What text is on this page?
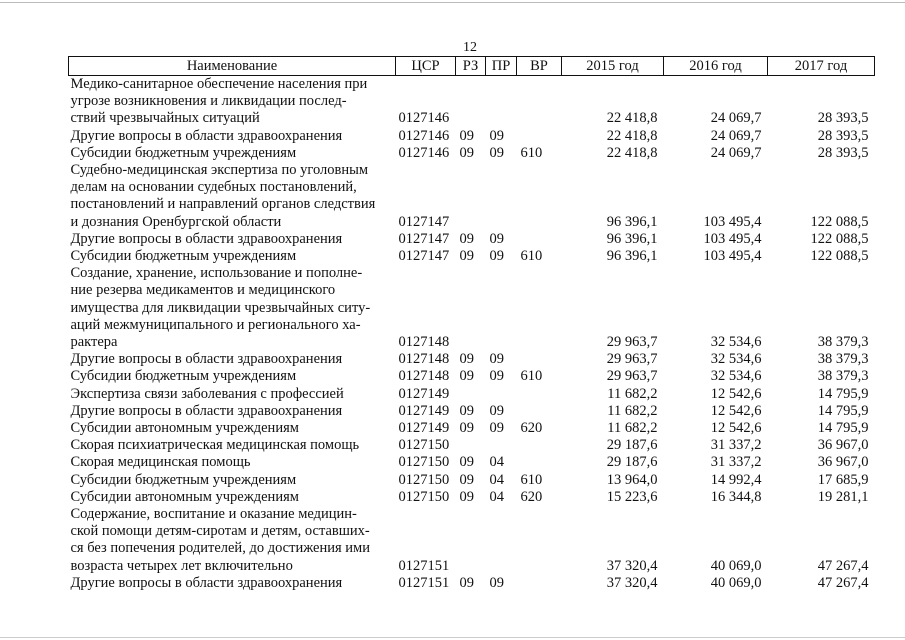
12
Наименование	ЦСР	РЗ	ПР	ВР	2015 год	2016 год	2017 год

Медико-санитарное обеспечение населения при
угрозе возникновения и ликвидации послед-
ствий чрезвычайных ситуаций	0127146				22 418,8	24 069,7	28 393,5

Другие вопросы в области здравоохранения	0127146	09	09		22 418,8	24 069,7	28 393,5

Субсидии бюджетным учреждениям	0127146	09	09	610	22 418,8	24 069,7	28 393,5

Судебно-медицинская экспертиза по уголовным
делам на основании судебных постановлений,
постановлений и направлений органов следствия
и дознания Оренбургской области	0127147				96 396,1	103 495,4	122 088,5

Другие вопросы в области здравоохранения	0127147	09	09		96 396,1	103 495,4	122 088,5

Субсидии бюджетным учреждениям	0127147	09	09	610	96 396,1	103 495,4	122 088,5

Создание, хранение, использование и пополне-
ние резерва медикаментов и медицинского
имущества для ликвидации чрезвычайных ситу-
аций межмуниципального и регионального ха-
рактера	0127148				29 963,7	32 534,6	38 379,3

Другие вопросы в области здравоохранения	0127148	09	09		29 963,7	32 534,6	38 379,3

Субсидии бюджетным учреждениям	0127148	09	09	610	29 963,7	32 534,6	38 379,3

Экспертиза связи заболевания с профессией	0127149				11 682,2	12 542,6	14 795,9

Другие вопросы в области здравоохранения	0127149	09	09		11 682,2	12 542,6	14 795,9

Субсидии автономным учреждениям	0127149	09	09	620	11 682,2	12 542,6	14 795,9

Скорая психиатрическая медицинская помощь	0127150				29 187,6	31 337,2	36 967,0

Скорая медицинская помощь	0127150	09	04		29 187,6	31 337,2	36 967,0

Субсидии бюджетным учреждениям	0127150	09	04	610	13 964,0	14 992,4	17 685,9

Субсидии автономным учреждениям	0127150	09	04	620	15 223,6	16 344,8	19 281,1

Содержание, воспитание и оказание медицин-
ской помощи детям-сиротам и детям, оставших-
ся без попечения родителей, до достижения ими
возраста четырех лет включительно	0127151				37 320,4	40 069,0	47 267,4

Другие вопросы в области здравоохранения	0127151	09	09		37 320,4	40 069,0	47 267,4
